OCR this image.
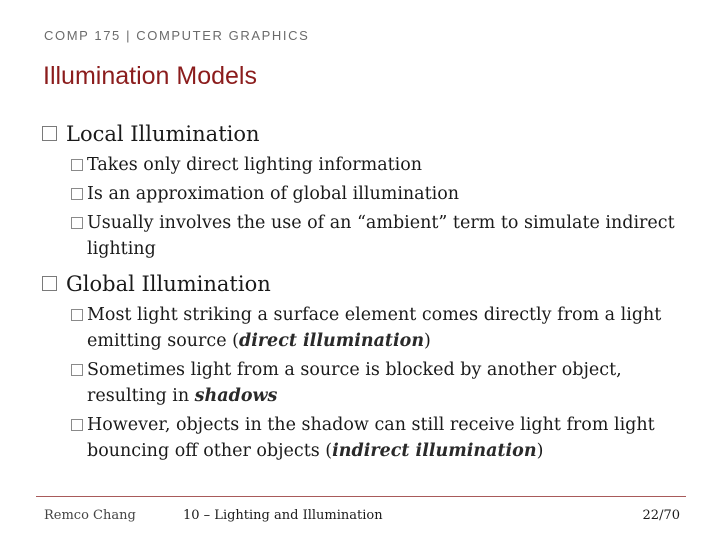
COMP 175 | COMPUTER GRAPHICS
Illumination Models
Local Illumination
Takes only direct lighting information
Is an approximation of global illumination
Usually involves the use of an “ambient” term to simulate indirect lighting
Global Illumination
Most light striking a surface element comes directly from a light emitting source (direct illumination)
Sometimes light from a source is blocked by another object, resulting in shadows
However, objects in the shadow can still receive light from light bouncing off other objects (indirect illumination)
Remco Chang	10 – Lighting and Illumination	22/70
